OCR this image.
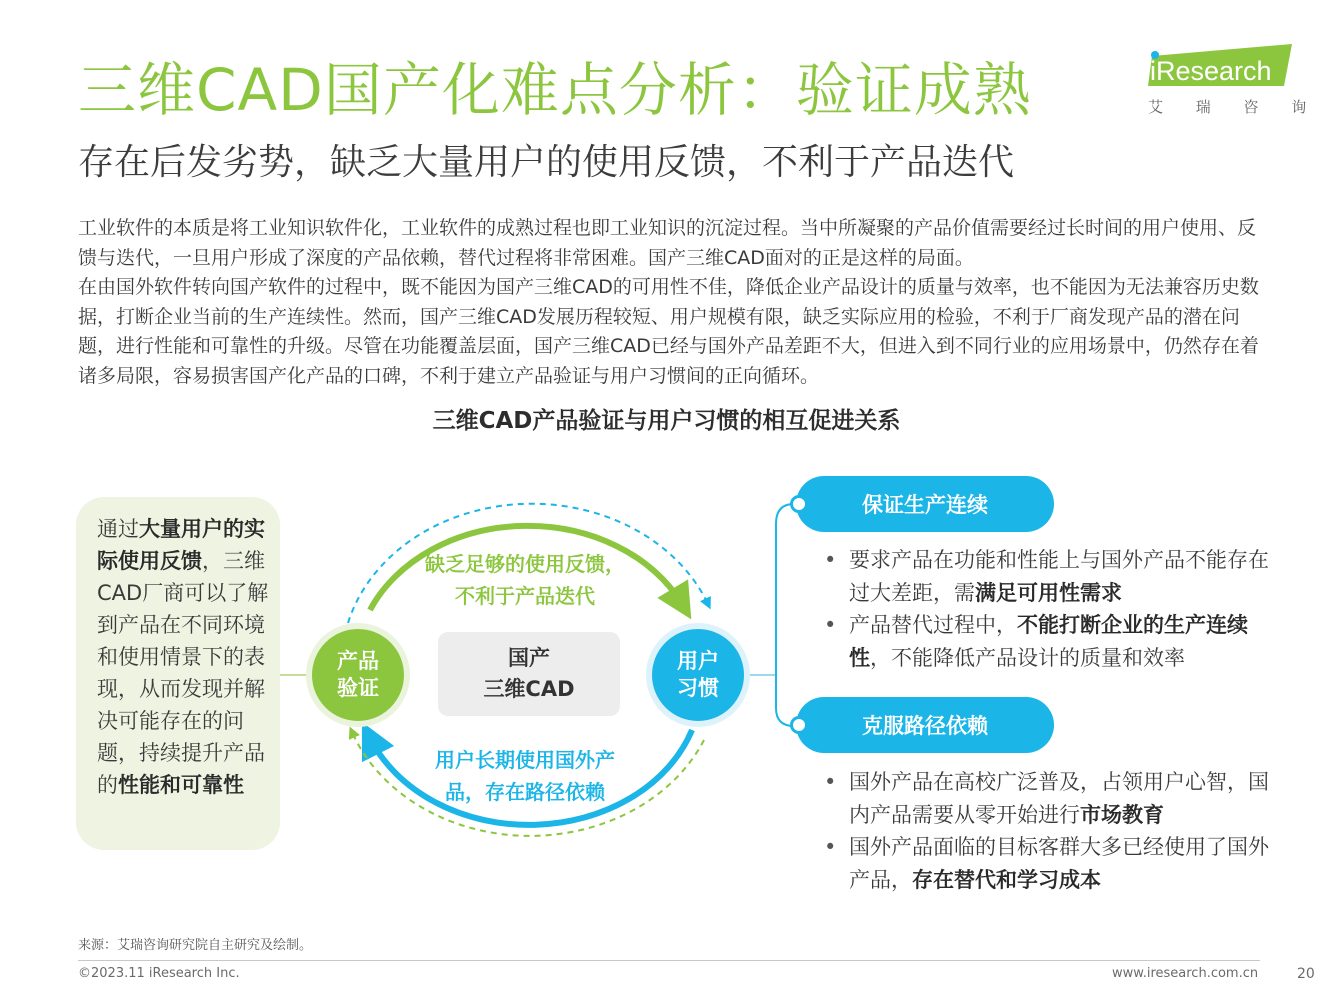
三维CAD国产化难点分析：验证成熟
存在后发劣势，缺乏大量用户的使用反馈，不利于产品迭代
iResearch
艾 瑞 咨 询

工业软件的本质是将工业知识软件化，工业软件的成熟过程也即工业知识的沉淀过程。当中所凝聚的产品价值需要经过长时间的用户使用、反馈与迭代，一旦用户形成了深度的产品依赖，替代过程将非常困难。国产三维CAD面对的正是这样的局面。

在由国外软件转向国产软件的过程中，既不能因为国产三维CAD的可用性不佳，降低企业产品设计的质量与效率，也不能因为无法兼容历史数据，打断企业当前的生产连续性。然而，国产三维CAD发展历程较短、用户规模有限，缺乏实际应用的检验，不利于厂商发现产品的潜在问题，进行性能和可靠性的升级。尽管在功能覆盖层面，国产三维CAD已经与国外产品差距不大，但进入到不同行业的应用场景中，仍然存在着诸多局限，容易损害国产化产品的口碑，不利于建立产品验证与用户习惯间的正向循环。

三维CAD产品验证与用户习惯的相互促进关系
通过大量用户的实际使用反馈，三维CAD厂商可以了解到产品在不同环境和使用情景下的表现，从而发现并解决可能存在的问题，持续提升产品的性能和可靠性
产品
验证
用户
习惯
国产
三维CAD
缺乏足够的使用反馈，
不利于产品迭代
用户长期使用国外产
品，存在路径依赖
保证生产连续
• 要求产品在功能和性能上与国外产品不能存在过大差距，需满足可用性需求
• 产品替代过程中，不能打断企业的生产连续性，不能降低产品设计的质量和效率
克服路径依赖
• 国外产品在高校广泛普及，占领用户心智，国内产品需要从零开始进行市场教育
• 国外产品面临的目标客群大多已经使用了国外产品，存在替代和学习成本
来源：艾瑞咨询研究院自主研究及绘制。
©2023.11 iResearch Inc.	www.iresearch.com.cn	20
